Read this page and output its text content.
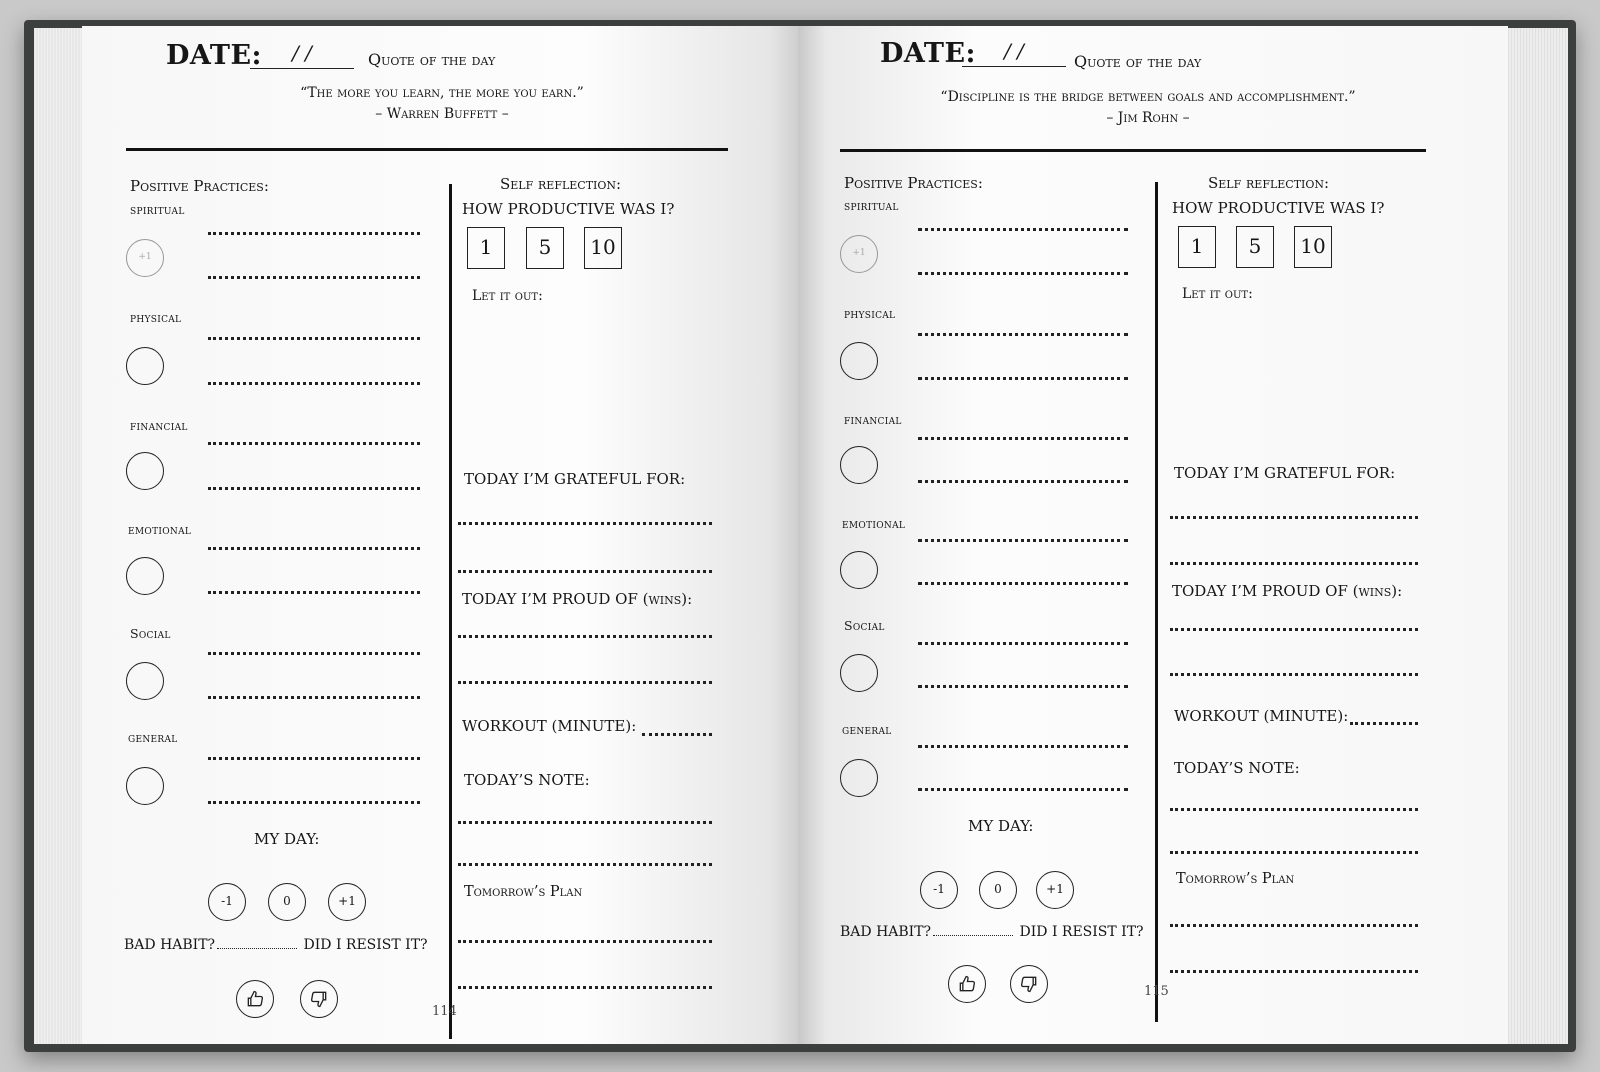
DATE:	/ /	Quote of the day
“The more you learn, the more you earn.”
– Warren Buffett –
Positive Practices:
spiritual
+1
physical
financial
emotional
Social
general
MY DAY:
-1	0	+1
BAD HABIT?	DID I RESIST IT?
Self reflection:
HOW PRODUCTIVE WAS I?
1	5	10
Let it out:
TODAY I’M GRATEFUL FOR:
TODAY I’M PROUD OF (wins):
WORKOUT (MINUTE):
TODAY’S NOTE:
Tomorrow’s Plan
114
DATE:	/ /	Quote of the day
“Discipline is the bridge between goals and accomplishment.”
– Jim Rohn –
Positive Practices:
spiritual
+1
physical
financial
emotional
Social
general
MY DAY:
-1	0	+1
BAD HABIT?	DID I RESIST IT?
Self reflection:
HOW PRODUCTIVE WAS I?
1	5	10
Let it out:
TODAY I’M GRATEFUL FOR:
TODAY I’M PROUD OF (wins):
WORKOUT (MINUTE):
TODAY’S NOTE:
Tomorrow’s Plan
115
